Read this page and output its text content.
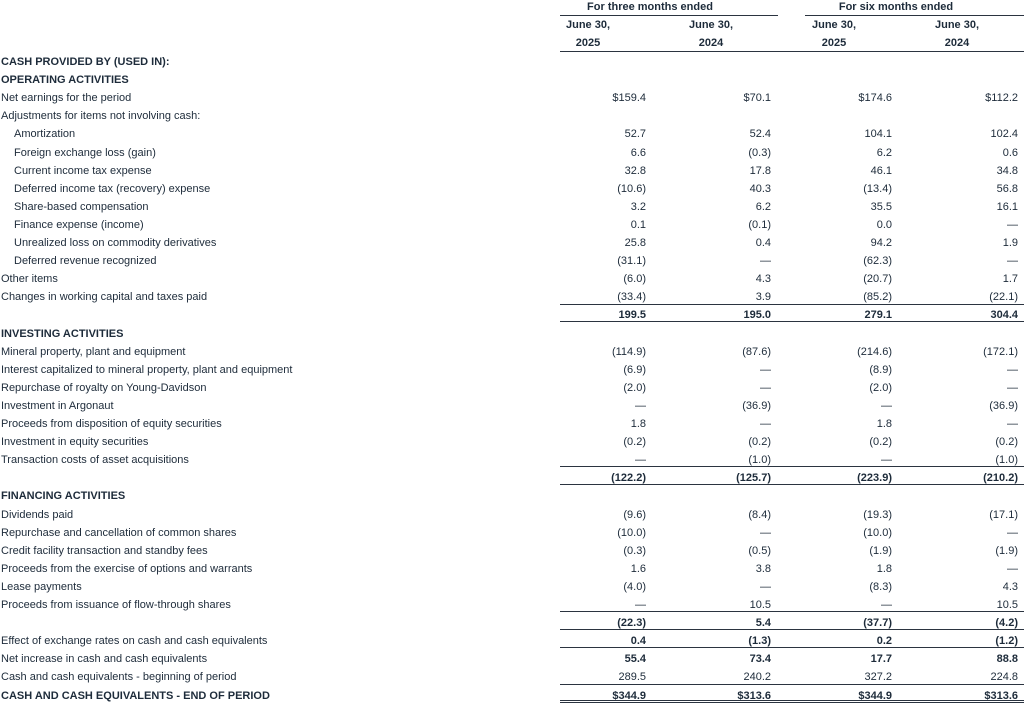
For three months ended	For six months ended
June 30,	June 30,	June 30,	June 30,
2025	2024	2025	2024
CASH PROVIDED BY (USED IN):
OPERATING ACTIVITIES
Net earnings for the period	$159.4	$70.1	$174.6	$112.2
Adjustments for items not involving cash:
Amortization	52.7	52.4	104.1	102.4
Foreign exchange loss (gain)	6.6	(0.3)	6.2	0.6
Current income tax expense	32.8	17.8	46.1	34.8
Deferred income tax (recovery) expense	(10.6)	40.3	(13.4)	56.8
Share-based compensation	3.2	6.2	35.5	16.1
Finance expense (income)	0.1	(0.1)	0.0	—
Unrealized loss on commodity derivatives	25.8	0.4	94.2	1.9
Deferred revenue recognized	(31.1)	—	(62.3)	—
Other items	(6.0)	4.3	(20.7)	1.7
Changes in working capital and taxes paid	(33.4)	3.9	(85.2)	(22.1)
199.5	195.0	279.1	304.4
INVESTING ACTIVITIES
Mineral property, plant and equipment	(114.9)	(87.6)	(214.6)	(172.1)
Interest capitalized to mineral property, plant and equipment	(6.9)	—	(8.9)	—
Repurchase of royalty on Young-Davidson	(2.0)	—	(2.0)	—
Investment in Argonaut	—	(36.9)	—	(36.9)
Proceeds from disposition of equity securities	1.8	—	1.8	—
Investment in equity securities	(0.2)	(0.2)	(0.2)	(0.2)
Transaction costs of asset acquisitions	—	(1.0)	—	(1.0)
(122.2)	(125.7)	(223.9)	(210.2)
FINANCING ACTIVITIES
Dividends paid	(9.6)	(8.4)	(19.3)	(17.1)
Repurchase and cancellation of common shares	(10.0)	—	(10.0)	—
Credit facility transaction and standby fees	(0.3)	(0.5)	(1.9)	(1.9)
Proceeds from the exercise of options and warrants	1.6	3.8	1.8	—
Lease payments	(4.0)	—	(8.3)	4.3
Proceeds from issuance of flow-through shares	—	10.5	—	10.5
(22.3)	5.4	(37.7)	(4.2)
Effect of exchange rates on cash and cash equivalents	0.4	(1.3)	0.2	(1.2)
Net increase in cash and cash equivalents	55.4	73.4	17.7	88.8
Cash and cash equivalents - beginning of period	289.5	240.2	327.2	224.8
CASH AND CASH EQUIVALENTS - END OF PERIOD	$344.9	$313.6	$344.9	$313.6
